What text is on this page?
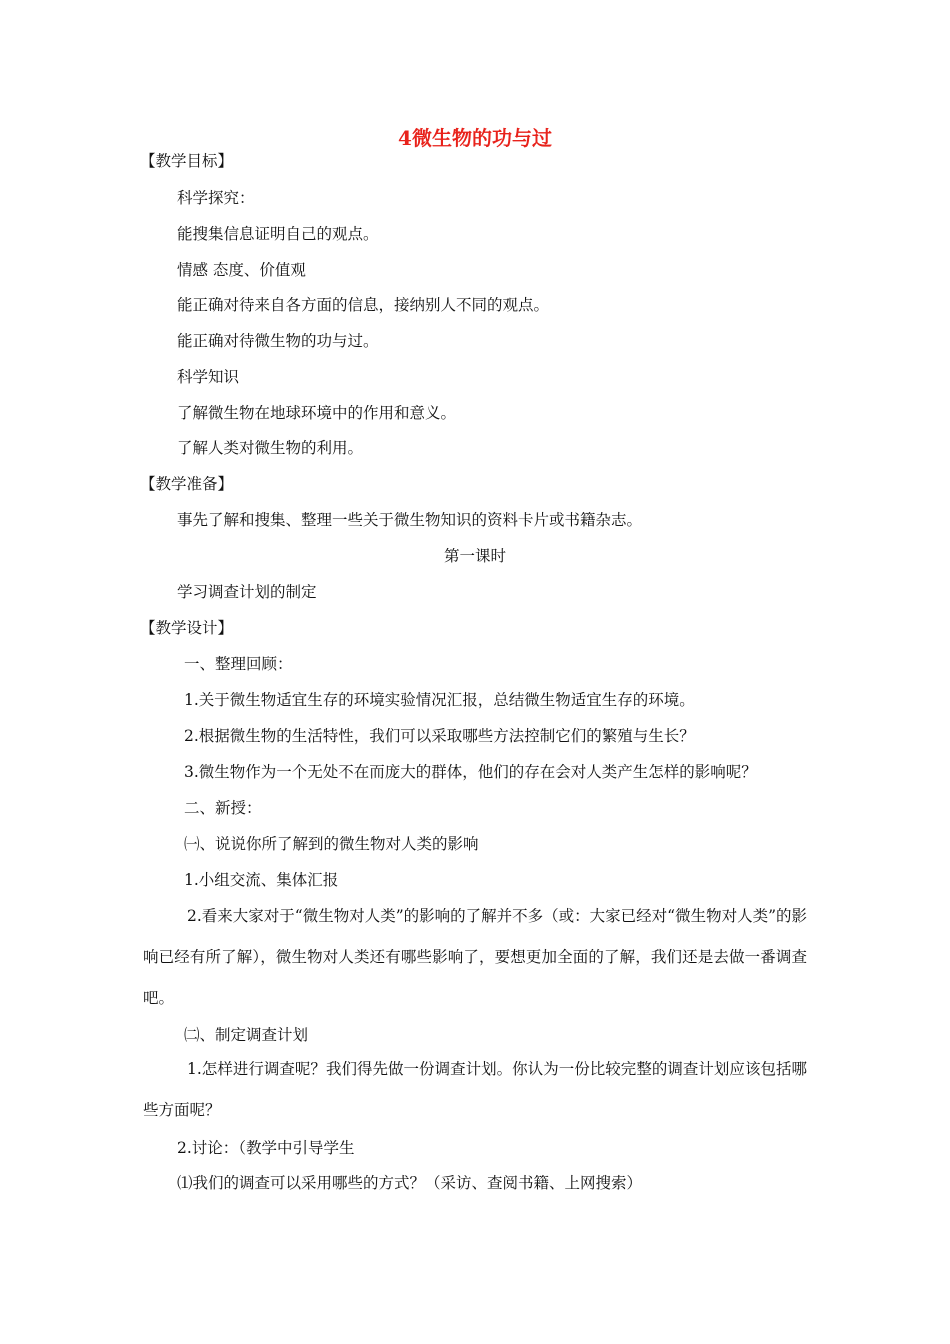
4微生物的功与过
【教学目标】
科学探究：
能搜集信息证明自己的观点。
情感 态度、价值观
能正确对待来自各方面的信息，接纳别人不同的观点。
能正确对待微生物的功与过。
科学知识
了解微生物在地球环境中的作用和意义。
了解人类对微生物的利用。
【教学准备】
事先了解和搜集、整理一些关于微生物知识的资料卡片或书籍杂志。
第一课时
学习调查计划的制定
【教学设计】
一、整理回顾：
1.关于微生物适宜生存的环境实验情况汇报，总结微生物适宜生存的环境。
2.根据微生物的生活特性，我们可以采取哪些方法控制它们的繁殖与生长？
3.微生物作为一个无处不在而庞大的群体，他们的存在会对人类产生怎样的影响呢？
二、新授：
㈠、说说你所了解到的微生物对人类的影响
1.小组交流、集体汇报
2.看来大家对于“微生物对人类”的影响的了解并不多（或：大家已经对“微生物对人类”的影响已经有所了解），微生物对人类还有哪些影响了，要想更加全面的了解，我们还是去做一番调查吧。
㈡、制定调查计划
1.怎样进行调查呢？我们得先做一份调查计划。你认为一份比较完整的调查计划应该包括哪些方面呢？
2.讨论：（教学中引导学生
⑴我们的调查可以采用哪些的方式？（采访、查阅书籍、上网搜索）
